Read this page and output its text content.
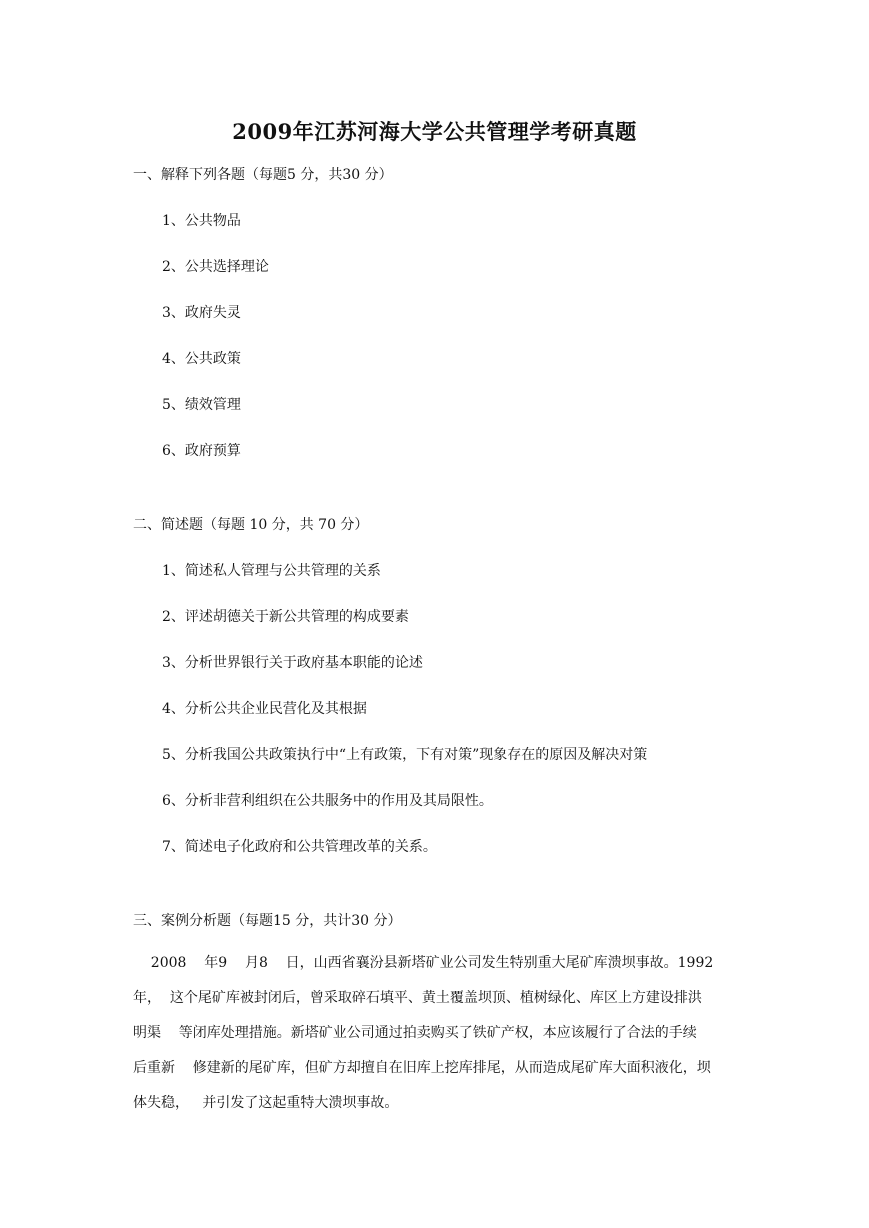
2009年江苏河海大学公共管理学考研真题
一、解释下列各题（每题5 分，共30 分）
1、公共物品
2、公共选择理论
3、政府失灵
4、公共政策
5、绩效管理
6、政府预算
二、简述题（每题 10 分，共 70 分）
1、简述私人管理与公共管理的关系
2、评述胡德关于新公共管理的构成要素
3、分析世界银行关于政府基本职能的论述
4、分析公共企业民营化及其根据
5、分析我国公共政策执行中“上有政策，下有对策”现象存在的原因及解决对策
6、分析非营利组织在公共服务中的作用及其局限性。
7、简述电子化政府和公共管理改革的关系。
三、案例分析题（每题15 分，共计30 分）
2008    年9    月8    日，山西省襄汾县新塔矿业公司发生特别重大尾矿库溃坝事故。1992
年，  这个尾矿库被封闭后，曾采取碎石填平、黄土覆盖坝顶、植树绿化、库区上方建设排洪
明渠    等闭库处理措施。新塔矿业公司通过拍卖购买了铁矿产权，本应该履行了合法的手续
后重新    修建新的尾矿库，但矿方却擅自在旧库上挖库排尾，从而造成尾矿库大面积液化，坝
体失稳，   并引发了这起重特大溃坝事故。
